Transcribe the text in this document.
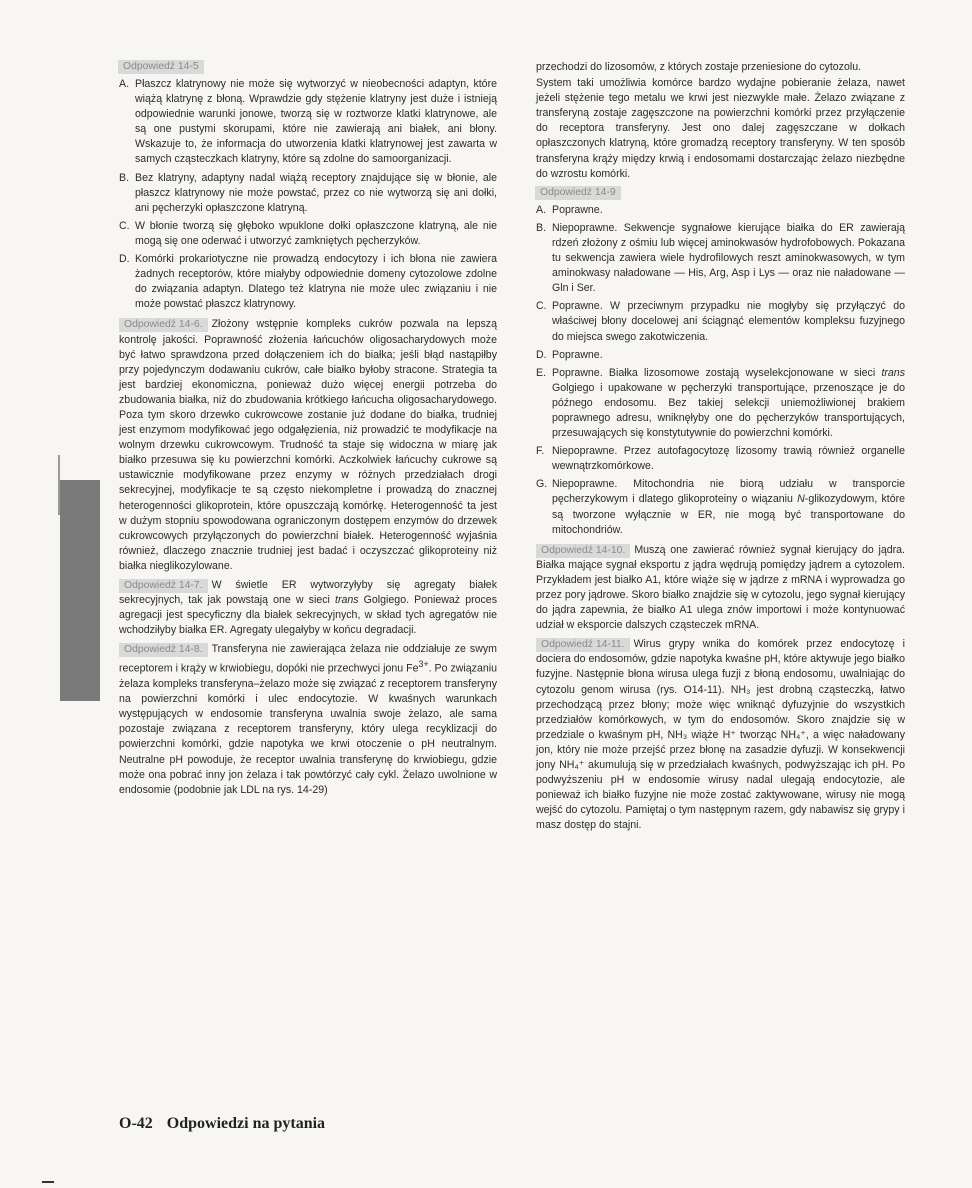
Odpowiedź 14-5
A. Płaszcz klatrynowy nie może się wytworzyć w nieobecności adaptyn, które wiążą klatrynę z błoną. Wprawdzie gdy stężenie klatryny jest duże i istnieją odpowiednie warunki jonowe, tworzą się w roztworze klatki klatrynowe, ale są one pustymi skorupami, które nie zawierają ani białek, ani błony. Wskazuje to, że informacja do utworzenia klatki klatrynowej jest zawarta w samych cząsteczkach klatryny, które są zdolne do samoorganizacji.
B. Bez klatryny, adaptyny nadal wiążą receptory znajdujące się w błonie, ale płaszcz klatrynowy nie może powstać, przez co nie wytworzą się ani dołki, ani pęcherzyki opłaszczone klatryną.
C. W błonie tworzą się głęboko wpuklone dołki opłaszczone klatryną, ale nie mogą się one oderwać i utworzyć zamkniętych pęcherzyków.
D. Komórki prokariotyczne nie prowadzą endocytozy i ich błona nie zawiera żadnych receptorów, które miałyby odpowiednie domeny cytozolowe zdolne do związania adaptyn. Dlatego też klatryna nie może ulec związaniu i nie może powstać płaszcz klatrynowy.

Odpowiedź 14-6. Złożony wstępnie kompleks cukrów pozwala na lepszą kontrolę jakości. Poprawność złożenia łańcuchów oligosacharydowych może być łatwo sprawdzona przed dołączeniem ich do białka; jeśli błąd nastąpiłby przy pojedynczym dodawaniu cukrów, całe białko byłoby stracone. Strategia ta jest bardziej ekonomiczna, ponieważ dużo więcej energii potrzeba do zbudowania białka, niż do zbudowania krótkiego łańcucha oligosacharydowego. Poza tym skoro drzewko cukrowcowe zostanie już dodane do białka, trudniej jest enzymom modyfikować jego odgałęzienia, niż prowadzić te modyfikacje na wolnym drzewku cukrowcowym. Trudność ta staje się widoczna w miarę jak białko przesuwa się ku powierzchni komórki. Aczkolwiek łańcuchy cukrowe są ustawicznie modyfikowane przez enzymy w różnych przedziałach drogi sekrecyjnej, modyfikacje te są często niekompletne i prowadzą do znacznej heterogenności glikoprotein, które opuszczają komórkę. Heterogenność ta jest w dużym stopniu spowodowana ograniczonym dostępem enzymów do drzewek cukrowcowych przyłączonych do powierzchni białek. Heterogenność wyjaśnia również, dlaczego znacznie trudniej jest badać i oczyszczać glikoproteiny niż białka nieglikozylowane.

Odpowiedź 14-7. W świetle ER wytworzyłyby się agregaty białek sekrecyjnych, tak jak powstają one w sieci trans Golgiego. Ponieważ proces agregacji jest specyficzny dla białek sekrecyjnych, w skład tych agregatów nie wchodziłyby białka ER. Agregaty ulegałyby w końcu degradacji.

Odpowiedź 14-8. Transferyna nie zawierająca żelaza nie oddziałuje ze swym receptorem i krąży w krwiobiegu, dopóki nie przechwyci jonu $Fe^{3+}$. Po związaniu żelaza kompleks transferyna–żelazo może się związać z receptorem transferyny na powierzchni komórki i ulec endocytozie. W kwaśnych warunkach występujących w endosomie transferyna uwalnia swoje żelazo, ale sama pozostaje związana z receptorem transferyny, który ulega recyklizacji do powierzchni komórki, gdzie napotyka we krwi otoczenie o pH neutralnym. Neutralne pH powoduje, że receptor uwalnia transferynę do krwiobiegu, gdzie może ona pobrać inny jon żelaza i tak powtórzyć cały cykl. Żelazo uwolnione w endosomie (podobnie jak LDL na rys. 14-29)

przechodzi do lizosomów, z których zostaje przeniesione do cytozolu.

System taki umożliwia komórce bardzo wydajne pobieranie żelaza, nawet jeżeli stężenie tego metalu we krwi jest niezwykle małe. Żelazo związane z transferyną zostaje zagęszczone na powierzchni komórki przez przyłączenie do receptora transferyny. Jest ono dalej zagęszczane w dołkach opłaszczonych klatryną, które gromadzą receptory transferyny. W ten sposób transferyna krąży między krwią i endosomami dostarczając żelazo niezbędne do wzrostu komórki.

Odpowiedź 14-9
A. Poprawne.
B. Niepoprawne. Sekwencje sygnałowe kierujące białka do ER zawierają rdzeń złożony z ośmiu lub więcej aminokwasów hydrofobowych. Pokazana tu sekwencja zawiera wiele hydrofilowych reszt aminokwasowych, w tym aminokwasy naładowane — His, Arg, Asp i Lys — oraz nie naładowane — Gln i Ser.
C. Poprawne. W przeciwnym przypadku nie mogłyby się przyłączyć do właściwej błony docelowej ani ściągnąć elementów kompleksu fuzyjnego do miejsca swego zakotwiczenia.
D. Poprawne.
E. Poprawne. Białka lizosomowe zostają wyselekcjonowane w sieci trans Golgiego i upakowane w pęcherzyki transportujące, przenoszące je do późnego endosomu. Bez takiej selekcji uniemożliwionej brakiem poprawnego adresu, wniknęłyby one do pęcherzyków transportujących, przesuwających się konstytutywnie do powierzchni komórki.
F. Niepoprawne. Przez autofagocytozę lizosomy trawią również organelle wewnątrzkomórkowe.
G. Niepoprawne. Mitochondria nie biorą udziału w transporcie pęcherzykowym i dlatego glikoproteiny o wiązaniu N-glikozydowym, które są tworzone wyłącznie w ER, nie mogą być transportowane do mitochondriów.

Odpowiedź 14-10. Muszą one zawierać również sygnał kierujący do jądra. Białka mające sygnał eksportu z jądra wędrują pomiędzy jądrem a cytozolem. Przykładem jest białko A1, które wiąże się w jądrze z mRNA i wyprowadza go przez pory jądrowe. Skoro białko znajdzie się w cytozolu, jego sygnał kierujący do jądra zapewnia, że białko A1 ulega znów importowi i może kontynuować udział w eksporcie dalszych cząsteczek mRNA.

Odpowiedź 14-11. Wirus grypy wnika do komórek przez endocytozę i dociera do endosomów, gdzie napotyka kwaśne pH, które aktywuje jego białko fuzyjne. Następnie błona wirusa ulega fuzji z błoną endosomu, uwalniając do cytozolu genom wirusa (rys. O14-11). NH₃ jest drobną cząsteczką, łatwo przechodzącą przez błony; może więc wniknąć dyfuzyjnie do wszystkich przedziałów komórkowych, w tym do endosomów. Skoro znajdzie się w przedziale o kwaśnym pH, NH₃ wiąże H⁺ tworząc NH₄⁺, a więc naładowany jon, który nie może przejść przez błonę na zasadzie dyfuzji. W konsekwencji jony NH₄⁺ akumulują się w przedziałach kwaśnych, podwyższając ich pH. Po podwyższeniu pH w endosomie wirusy nadal ulegają endocytozie, ale ponieważ ich białko fuzyjne nie może zostać zaktywowane, wirusy nie mogą wejść do cytozolu. Pamiętaj o tym następnym razem, gdy nabawisz się grypy i masz dostęp do stajni.

O-42 Odpowiedzi na pytania
